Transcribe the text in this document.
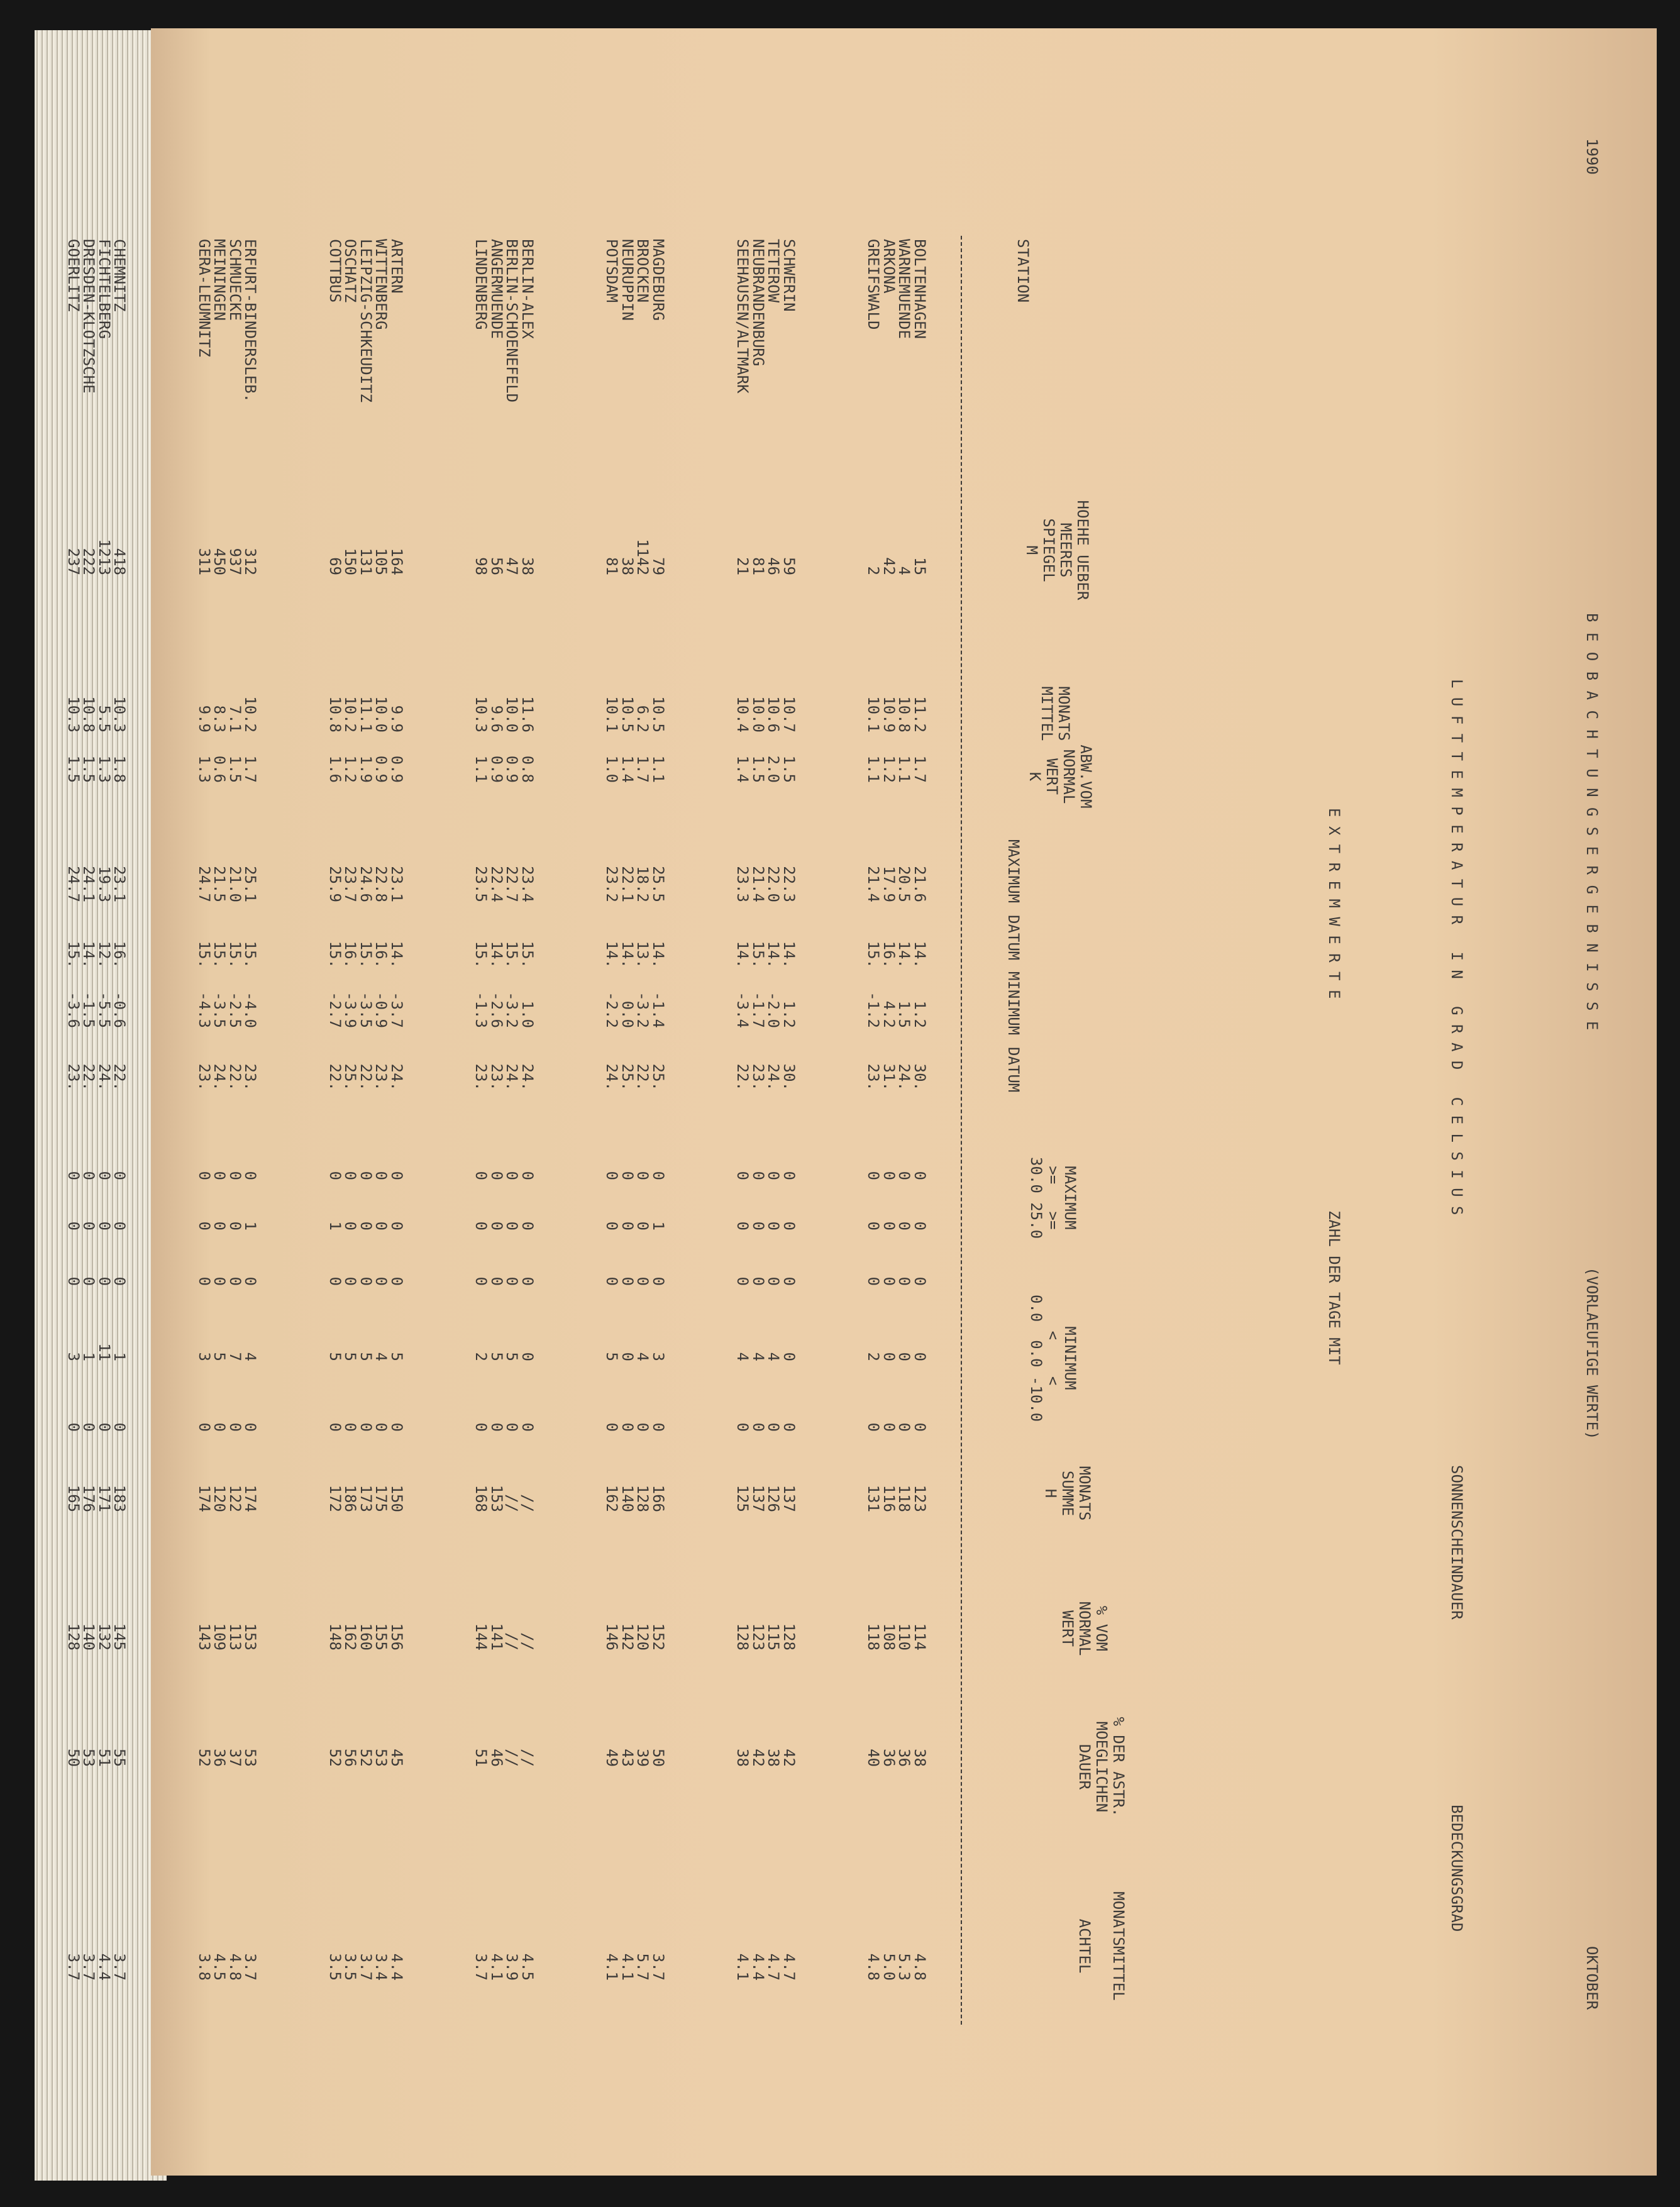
1990
B E O B A C H T U N G S E R G E B N I S S E
(VORLAEUFIGE WERTE)
OKTOBER
L U F T T E M P E R A T U R   I N   G R A D   C E L S I U S
SONNENSCHEINDAUER
BEDECKUNGSGRAD
E X T R E M W E R T E
ZAHL DER TAGE MIT
STATION
HOEHE UEBER
MEERES
SPIEGEL
M
MONATS
MITTEL
ABW.VOM
NORMAL
WERT
K
MAXIMUM
DATUM
MINIMUM
DATUM
MAXIMUM
>=   >=
30.0 25.0
MINIMUM
<    <
0.0  0.0 -10.0
MONATS
SUMME
H
% VOM
NORMAL
WERT
% DER ASTR.
MOEGLICHEN
DAUER
MONATSMITTEL
ACHTEL
BOLTENHAGEN
15
11.2
1.7
21.6
14.
1.2
30.
0
0
0
0
0
123
114
38
4.8
WARNEMUENDE
4
10.8
1.1
20.5
14.
1.5
24.
0
0
0
0
0
118
110
36
5.3
ARKONA
42
10.9
1.2
17.9
16.
4.2
31.
0
0
0
0
0
116
108
36
5.0
GREIFSWALD
2
10.1
1.1
21.4
15.
-1.2
23.
0
0
0
2
0
131
118
40
4.8
SCHWERIN
59
10.7
1.5
22.3
14.
1.2
30.
0
0
0
0
0
137
128
42
4.7
TETEROW
46
10.6
2.0
22.0
14.
-2.0
24.
0
0
0
4
0
126
115
38
4.7
NEUBRANDENBURG
81
10.0
1.5
21.4
15.
-1.7
23.
0
0
0
4
0
137
123
42
4.4
SEEHAUSEN/ALTMARK
21
10.4
1.4
23.3
14.
-3.4
22.
0
0
0
4
0
125
128
38
4.1
MAGDEBURG
79
10.5
1.1
25.5
14.
-1.4
25.
0
1
0
3
0
166
152
50
3.7
BROCKEN
1142
6.2
1.7
18.2
13.
-3.2
22.
0
0
0
4
0
128
120
39
5.7
NEURUPPIN
38
10.5
1.4
22.1
14.
0.0
25.
0
0
0
0
0
140
142
43
4.1
POTSDAM
81
10.1
1.0
23.2
14.
-2.2
24.
0
0
0
5
0
162
146
49
4.1
BERLIN-ALEX
38
11.6
0.8
23.4
15.
1.0
24.
0
0
0
0
0
//
//
//
4.5
BERLIN-SCHOENEFELD
47
10.0
0.9
22.7
15.
-3.2
24.
0
0
0
5
0
//
//
//
3.9
ANGERMUENDE
56
9.6
0.9
22.4
14.
-2.6
23.
0
0
0
5
0
153
141
46
4.1
LINDENBERG
98
10.3
1.1
23.5
15.
-1.3
23.
0
0
0
2
0
168
144
51
3.7
ARTERN
164
9.9
0.9
23.1
14.
-3.7
24.
0
0
0
5
0
150
156
45
4.4
WITTENBERG
105
10.0
0.9
22.8
16.
-0.9
23.
0
0
0
4
0
175
155
53
3.4
LEIPZIG-SCHKEUDITZ
131
11.1
1.9
24.6
15.
-3.5
22.
0
0
0
5
0
173
160
52
3.7
OSCHATZ
150
10.2
1.2
23.7
16.
-3.9
25.
0
0
0
5
0
186
162
56
3.5
COTTBUS
69
10.8
1.6
25.9
15.
-2.7
22.
0
1
0
5
0
172
148
52
3.5
ERFURT-BINDERSLEB.
312
10.2
1.7
25.1
15.
-4.0
23.
0
1
0
4
0
174
153
53
3.7
SCHMUECKE
937
7.1
1.5
21.0
15.
-2.5
22.
0
0
0
7
0
122
113
37
4.8
MEININGEN
450
8.3
0.6
21.5
15.
-3.5
24.
0
0
0
5
0
120
109
36
4.5
GERA-LEUMNITZ
311
9.9
1.3
24.7
15.
-4.3
23.
0
0
0
3
0
174
143
52
3.8
CHEMNITZ
418
10.3
1.8
23.1
16.
-0.6
22.
0
0
0
1
0
183
145
55
3.7
FICHTELBERG
1213
5.5
1.3
19.3
12.
-5.5
24.
0
0
0
11
0
171
132
51
4.4
DRESDEN-KLOTZSCHE
222
10.8
1.5
24.1
14.
-1.5
22.
0
0
0
1
0
176
140
53
3.7
GOERLITZ
237
10.3
1.5
24.7
15.
-3.6
23.
0
0
0
3
0
165
128
50
3.7
